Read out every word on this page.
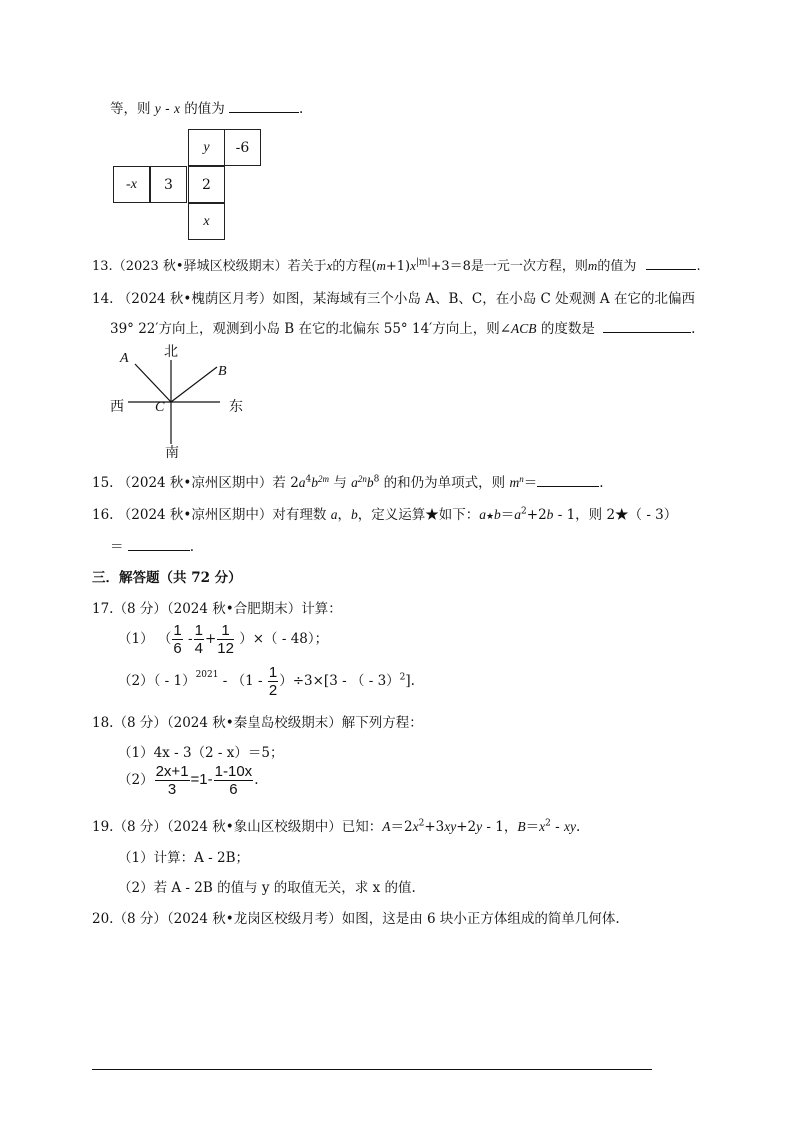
等，则 y - x 的值为	.
y -6
-x 3 2
x
13.（2023 秋•驿城区校级期末）若关于x的方程$(m+1)x^{|m|}+3=8$是一元一次方程，则m的值为	.
14. （2024 秋•槐荫区月考）如图，某海域有三个小岛 A、B、C，在小岛 C 处观测 A 在它的北偏西
39° 22′方向上，观测到小岛 B 在它的北偏东 55° 14′方向上，则∠ACB 的度数是	.
北
南
西	东
A
B
C
15. （2024 秋•凉州区期中）若 $2a^4b^{2m}$ 与 $a^{2n}b^8$ 的和仍为单项式，则 $m^n=$	.
16. （2024 秋•凉州区期中）对有理数 a，b，定义运算★如下：$a★b=a^2+2b - 1$，则 2★（ - 3）
＝	.
三．解答题（共 72 分）
17.（8 分）（2024 秋•合肥期末）计算：
（1） （ $\frac{1}{6} - \frac{1}{4} + \frac{1}{12}$ ）×（ - 48）；
$(2)( - 1)^{2021} - (1 - \frac{1}{2} )\div 3\times[3$ - （ - 3）$^2$].
18.（8 分）（2024 秋•秦皇岛校级期末）解下列方程：
（1）4x - 3（2 - x）＝5；
$(2) \frac{2x+1}{3} =1- \frac{1-10x}{6}$ .
19.（8 分）（2024 秋•象山区校级期中）已知：$A=2x^2+3xy+2y - 1$，$B=x^2$ - xy.
（1）计算：A - 2B；
（2）若 A - 2B 的值与 y 的取值无关，求 x 的值.
20.（8 分）（2024 秋•龙岗区校级月考）如图，这是由 6 块小正方体组成的简单几何体.
